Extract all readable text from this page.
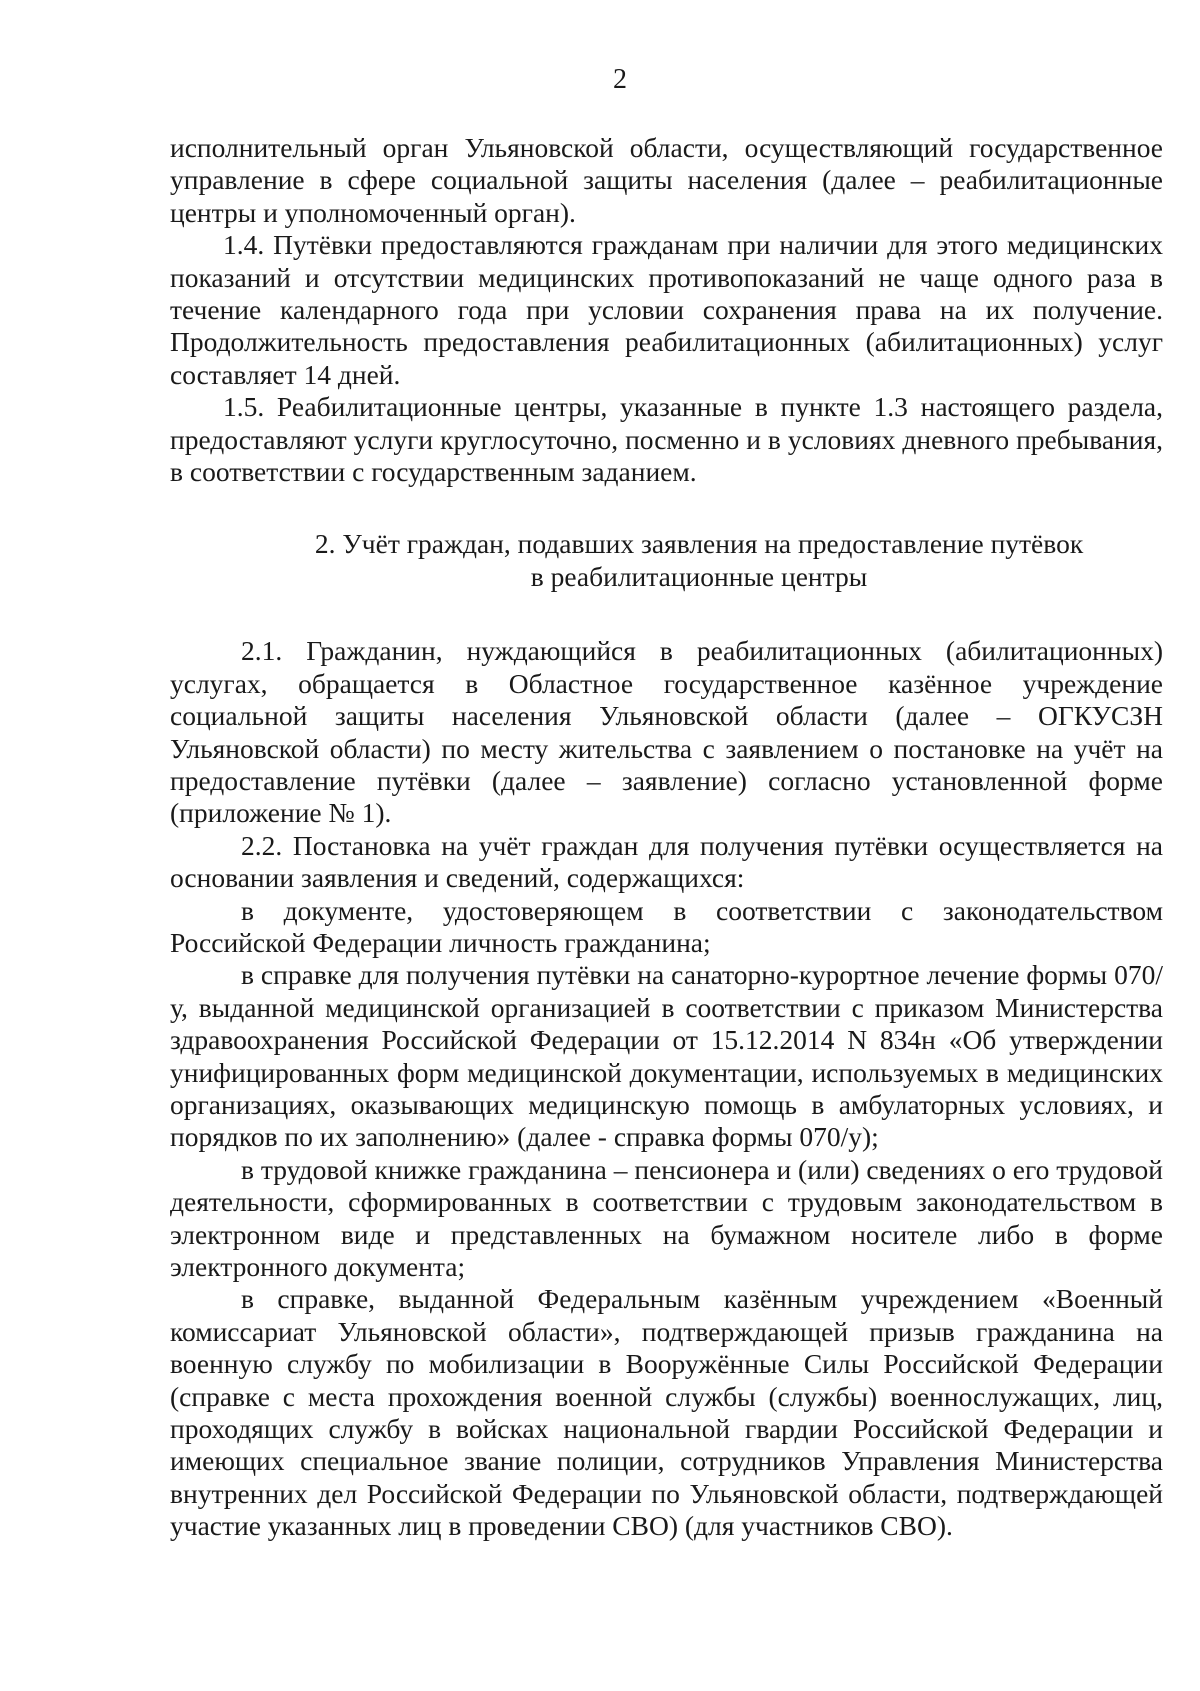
2

исполнительный орган Ульяновской области, осуществляющий государственное управление в сфере социальной защиты населения (далее – реабилитационные центры и уполномоченный орган).

1.4. Путёвки предоставляются гражданам при наличии для этого медицинских показаний и отсутствии медицинских противопоказаний не чаще одного раза в течение календарного года при условии сохранения права на их получение. Продолжительность предоставления реабилитационных (абилитационных) услуг составляет 14 дней.

1.5. Реабилитационные центры, указанные в пункте 1.3 настоящего раздела, предоставляют услуги круглосуточно, посменно и в условиях дневного пребывания, в соответствии с государственным заданием.

2. Учёт граждан, подавших заявления на предоставление путёвок
в реабилитационные центры

2.1. Гражданин, нуждающийся в реабилитационных (абилитационных) услугах, обращается в Областное государственное казённое учреждение социальной защиты населения Ульяновской области (далее – ОГКУСЗН Ульяновской области) по месту жительства с заявлением о постановке на учёт на предоставление путёвки (далее – заявление) согласно установленной форме (приложение № 1).

2.2. Постановка на учёт граждан для получения путёвки осуществляется на основании заявления и сведений, содержащихся:

в документе, удостоверяющем в соответствии с законодательством Российской Федерации личность гражданина;

в справке для получения путёвки на санаторно-курортное лечение формы 070/у, выданной медицинской организацией в соответствии с приказом Министерства здравоохранения Российской Федерации от 15.12.2014 N 834н «Об утверждении унифицированных форм медицинской документации, используемых в медицинских организациях, оказывающих медицинскую помощь в амбулаторных условиях, и порядков по их заполнению» (далее - справка формы 070/у);

в трудовой книжке гражданина – пенсионера и (или) сведениях о его трудовой деятельности, сформированных в соответствии с трудовым законодательством в электронном виде и представленных на бумажном носителе либо в форме электронного документа;

в справке, выданной Федеральным казённым учреждением «Военный комиссариат Ульяновской области», подтверждающей призыв гражданина на военную службу по мобилизации в Вооружённые Силы Российской Федерации (справке с места прохождения военной службы (службы) военнослужащих, лиц, проходящих службу в войсках национальной гвардии Российской Федерации и имеющих специальное звание полиции, сотрудников Управления Министерства внутренних дел Российской Федерации по Ульяновской области, подтверждающей участие указанных лиц в проведении СВО) (для участников СВО).
